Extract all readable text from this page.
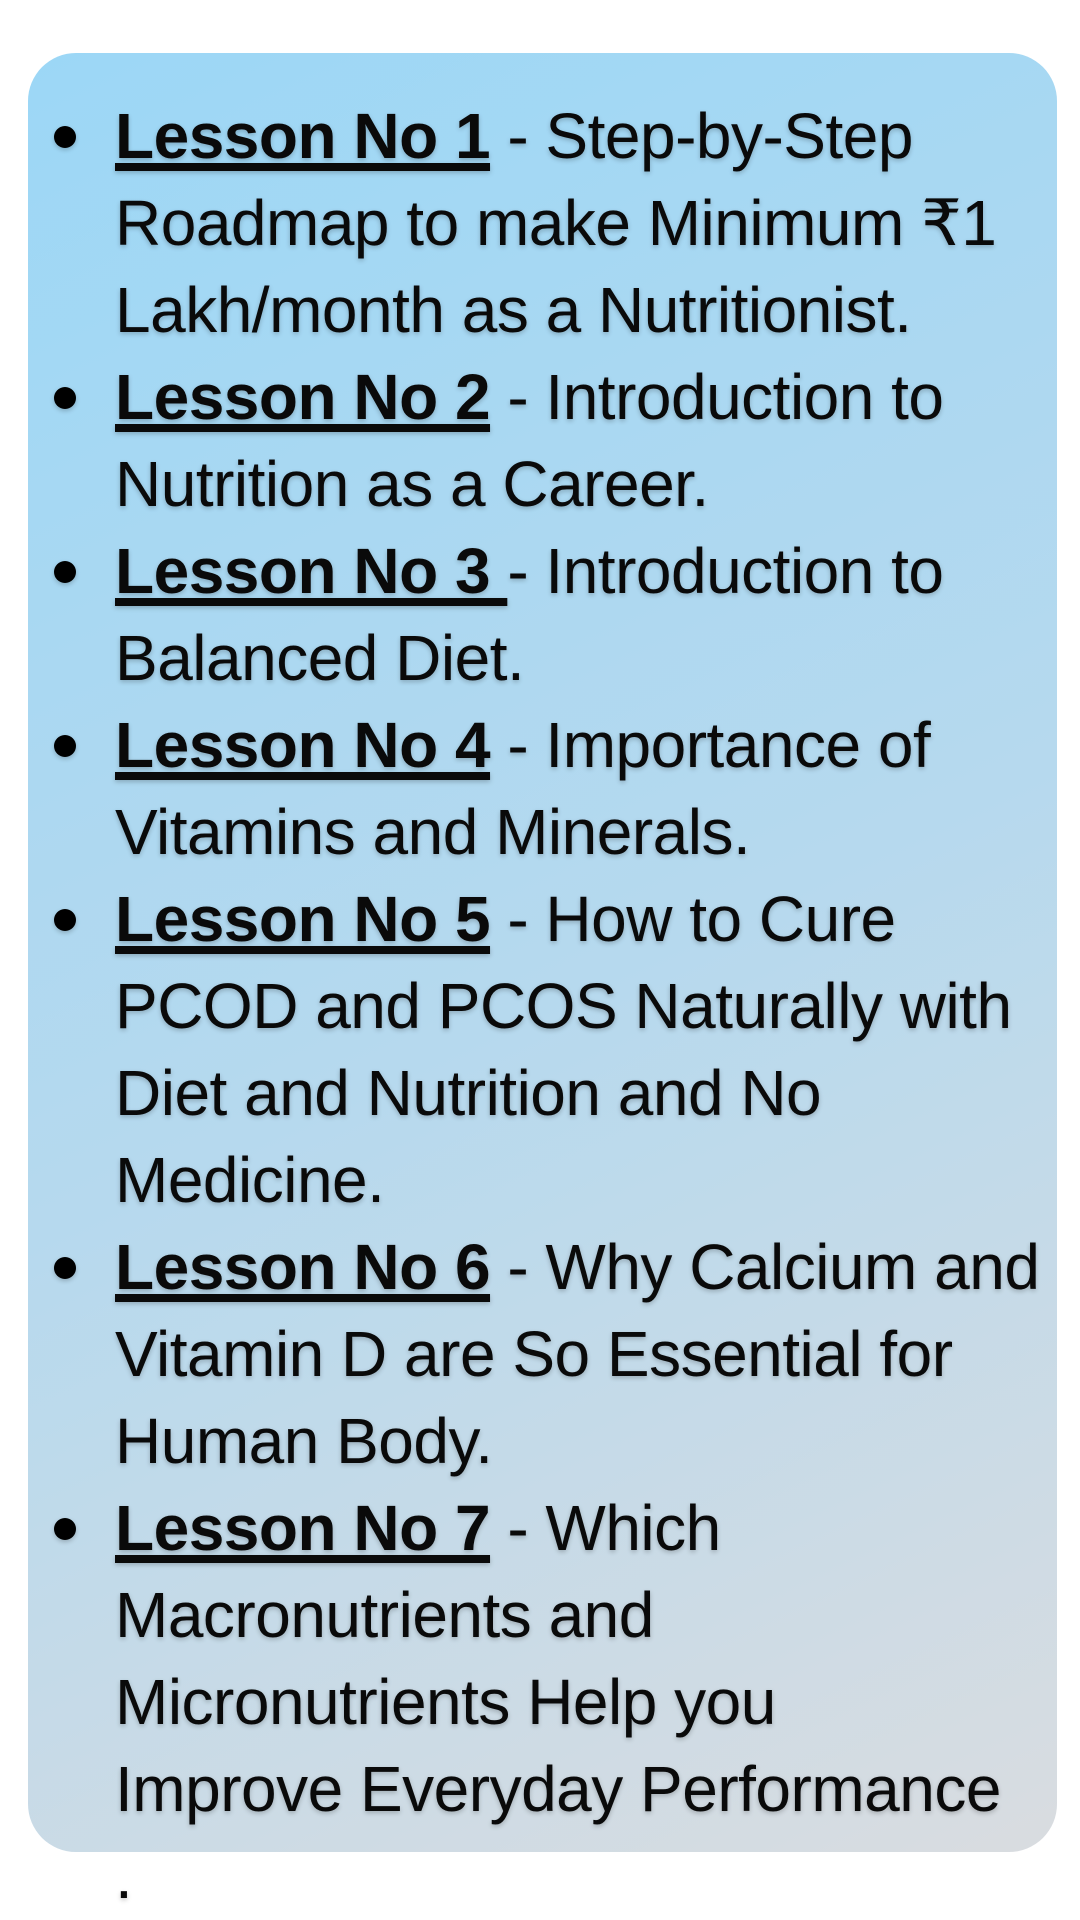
Lesson No 1 - Step-by-Step
Roadmap to make Minimum ₹1
Lakh/month as a Nutritionist.
Lesson No 2 - Introduction to
Nutrition as a Career.
Lesson No 3 - Introduction to
Balanced Diet.
Lesson No 4 - Importance of
Vitamins and Minerals.
Lesson No 5 - How to Cure
PCOD and PCOS Naturally with
Diet and Nutrition and No
Medicine.
Lesson No 6 - Why Calcium and
Vitamin D are So Essential for
Human Body.
Lesson No 7 - Which
Macronutrients and
Micronutrients Help you
Improve Everyday Performance
.
